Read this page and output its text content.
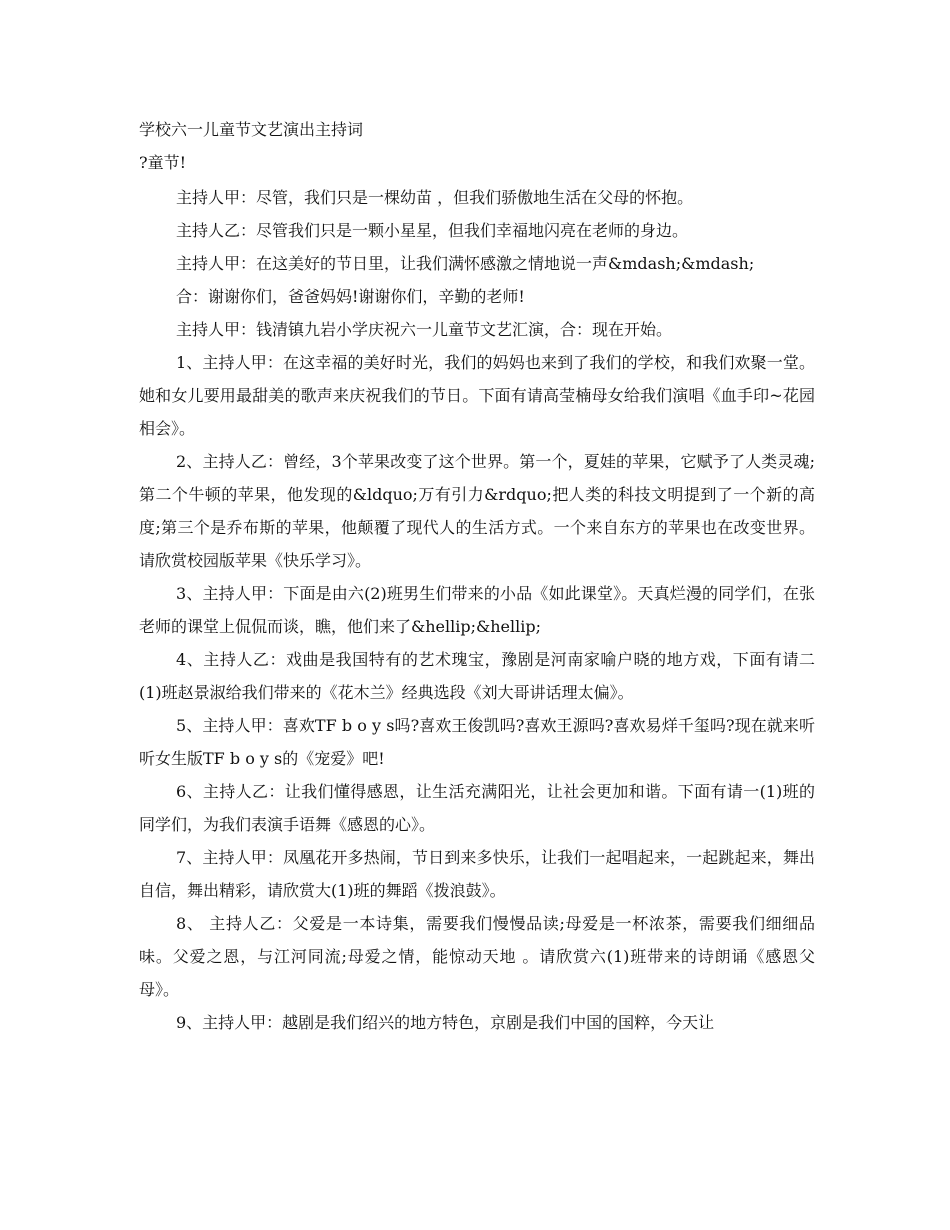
学校六一儿童节文艺演出主持词
?童节!

主持人甲：尽管，我们只是一棵幼苗 ，但我们骄傲地生活在父母的怀抱。

主持人乙：尽管我们只是一颗小星星，但我们幸福地闪亮在老师的身边。

主持人甲：在这美好的节日里，让我们满怀感激之情地说一声&mdash;&mdash;

合：谢谢你们，爸爸妈妈!谢谢你们，辛勤的老师!

主持人甲：钱清镇九岩小学庆祝六一儿童节文艺汇演，合：现在开始。

1、主持人甲：在这幸福的美好时光，我们的妈妈也来到了我们的学校，和我们欢聚一堂。她和女儿要用最甜美的歌声来庆祝我们的节日。下面有请高莹楠母女给我们演唱《血手印~花园相会》。

2、主持人乙：曾经，3个苹果改变了这个世界。第一个，夏娃的苹果，它赋予了人类灵魂;第二个牛顿的苹果，他发现的&ldquo;万有引力&rdquo;把人类的科技文明提到了一个新的高度;第三个是乔布斯的苹果，他颠覆了现代人的生活方式。一个来自东方的苹果也在改变世界。请欣赏校园版苹果《快乐学习》。

3、主持人甲：下面是由六(2)班男生们带来的小品《如此课堂》。天真烂漫的同学们，在张老师的课堂上侃侃而谈，瞧，他们来了&hellip;&hellip;

4、主持人乙：戏曲是我国特有的艺术瑰宝，豫剧是河南家喻户晓的地方戏，下面有请二(1)班赵景淑给我们带来的《花木兰》经典选段《刘大哥讲话理太偏》。

5、主持人甲：喜欢TF b o y s吗?喜欢王俊凯吗?喜欢王源吗?喜欢易烊千玺吗?现在就来听听女生版TF b o y s的《宠爱》吧!

6、主持人乙：让我们懂得感恩，让生活充满阳光，让社会更加和谐。下面有请一(1)班的同学们，为我们表演手语舞《感恩的心》。

7、主持人甲：凤凰花开多热闹，节日到来多快乐，让我们一起唱起来，一起跳起来，舞出自信，舞出精彩，请欣赏大(1)班的舞蹈《拨浪鼓》。

8、 主持人乙：父爱是一本诗集，需要我们慢慢品读;母爱是一杯浓茶，需要我们细细品味。父爱之恩，与江河同流;母爱之情，能惊动天地 。请欣赏六(1)班带来的诗朗诵《感恩父母》。

9、主持人甲：越剧是我们绍兴的地方特色，京剧是我们中国的国粹，今天让
